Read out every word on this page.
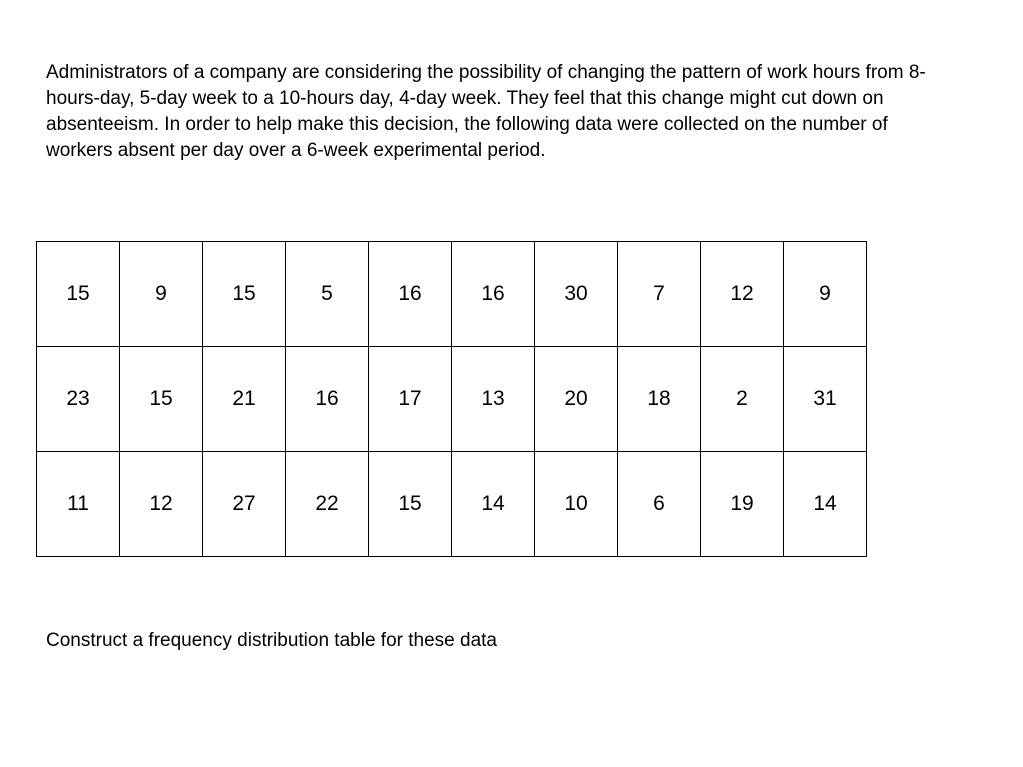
Administrators of a company are considering the possibility of changing the pattern of work hours from 8-hours-day, 5-day week to a 10-hours day, 4-day week. They feel that this change might cut down on absenteeism. In order to help make this decision, the following data were collected on the number of workers absent per day over a 6-week experimental period.

15	9	15	5	16	16	30	7	12	9
23	15	21	16	17	13	20	18	2	31
11	12	27	22	15	14	10	6	19	14

Construct a frequency distribution table for these data
